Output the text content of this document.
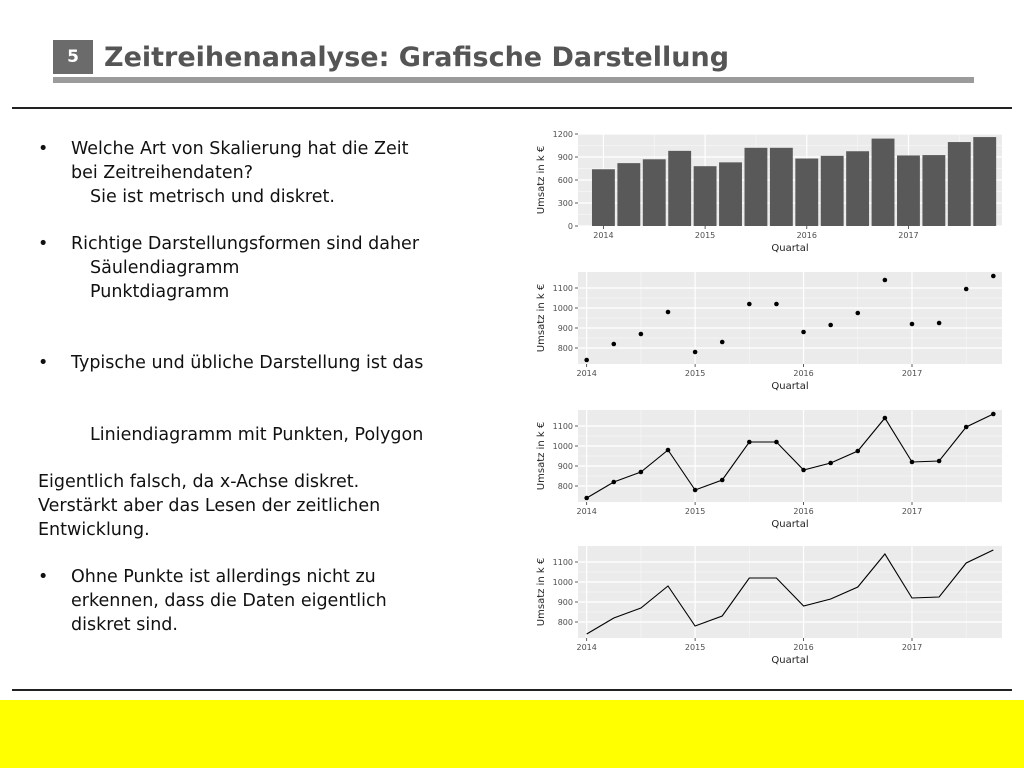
5 Zeitreihenanalyse: Grafische Darstellung
• Welche Art von Skalierung hat die Zeit
bei Zeitreihendaten?
Sie ist metrisch und diskret.
• Richtige Darstellungsformen sind daher
Säulendiagramm
Punktdiagramm
• Typische und übliche Darstellung ist das
Liniendiagramm mit Punkten, Polygon
Eigentlich falsch, da x-Achse diskret.
Verstärkt aber das Lesen der zeitlichen
Entwicklung.
• Ohne Punkte ist allerdings nicht zu
erkennen, dass die Daten eigentlich
diskret sind.
0
300
600
900
1200
2014	2015	2016	2017
Quartal
Umsatz in k €
800
900
1000
1100
2014	2015	2016	2017
Quartal
Umsatz in k €
800
900
1000
1100
2014	2015	2016	2017
Quartal
Umsatz in k €
800
900
1000
1100
2014	2015	2016	2017
Quartal
Umsatz in k €
